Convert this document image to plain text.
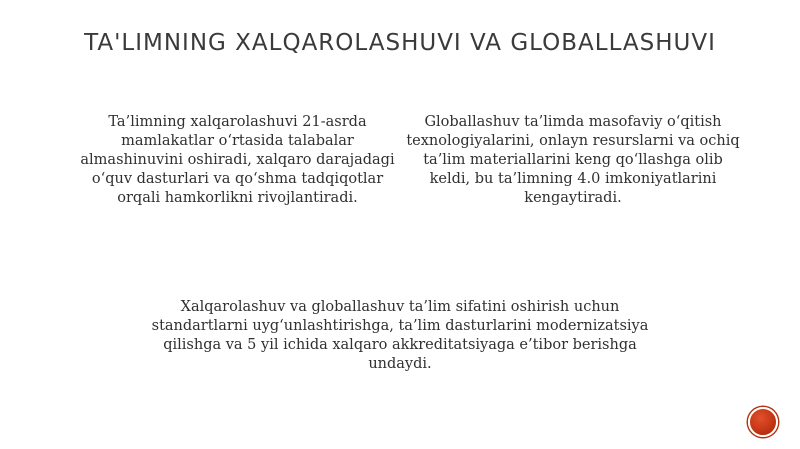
TA'LIMNING XALQAROLASHUVI VA GLOBALLASHUVI

Ta’limning xalqarolashuvi 21-asrda mamlakatlar o‘rtasida talabalar almashinuvini oshiradi, xalqaro darajadagi o‘quv dasturlari va qo‘shma tadqiqotlar orqali hamkorlikni rivojlantiradi.

Globallashuv ta’limda masofaviy o‘qitish texnologiyalarini, onlayn resurslarni va ochiq ta’lim materiallarini keng qo‘llashga olib keldi, bu ta’limning 4.0 imkoniyatlarini kengaytiradi.

Xalqarolashuv va globallashuv ta’lim sifatini oshirish uchun standartlarni uyg‘unlashtirishga, ta’lim dasturlarini modernizatsiya qilishga va 5 yil ichida xalqaro akkreditatsiyaga e’tibor berishga undaydi.
